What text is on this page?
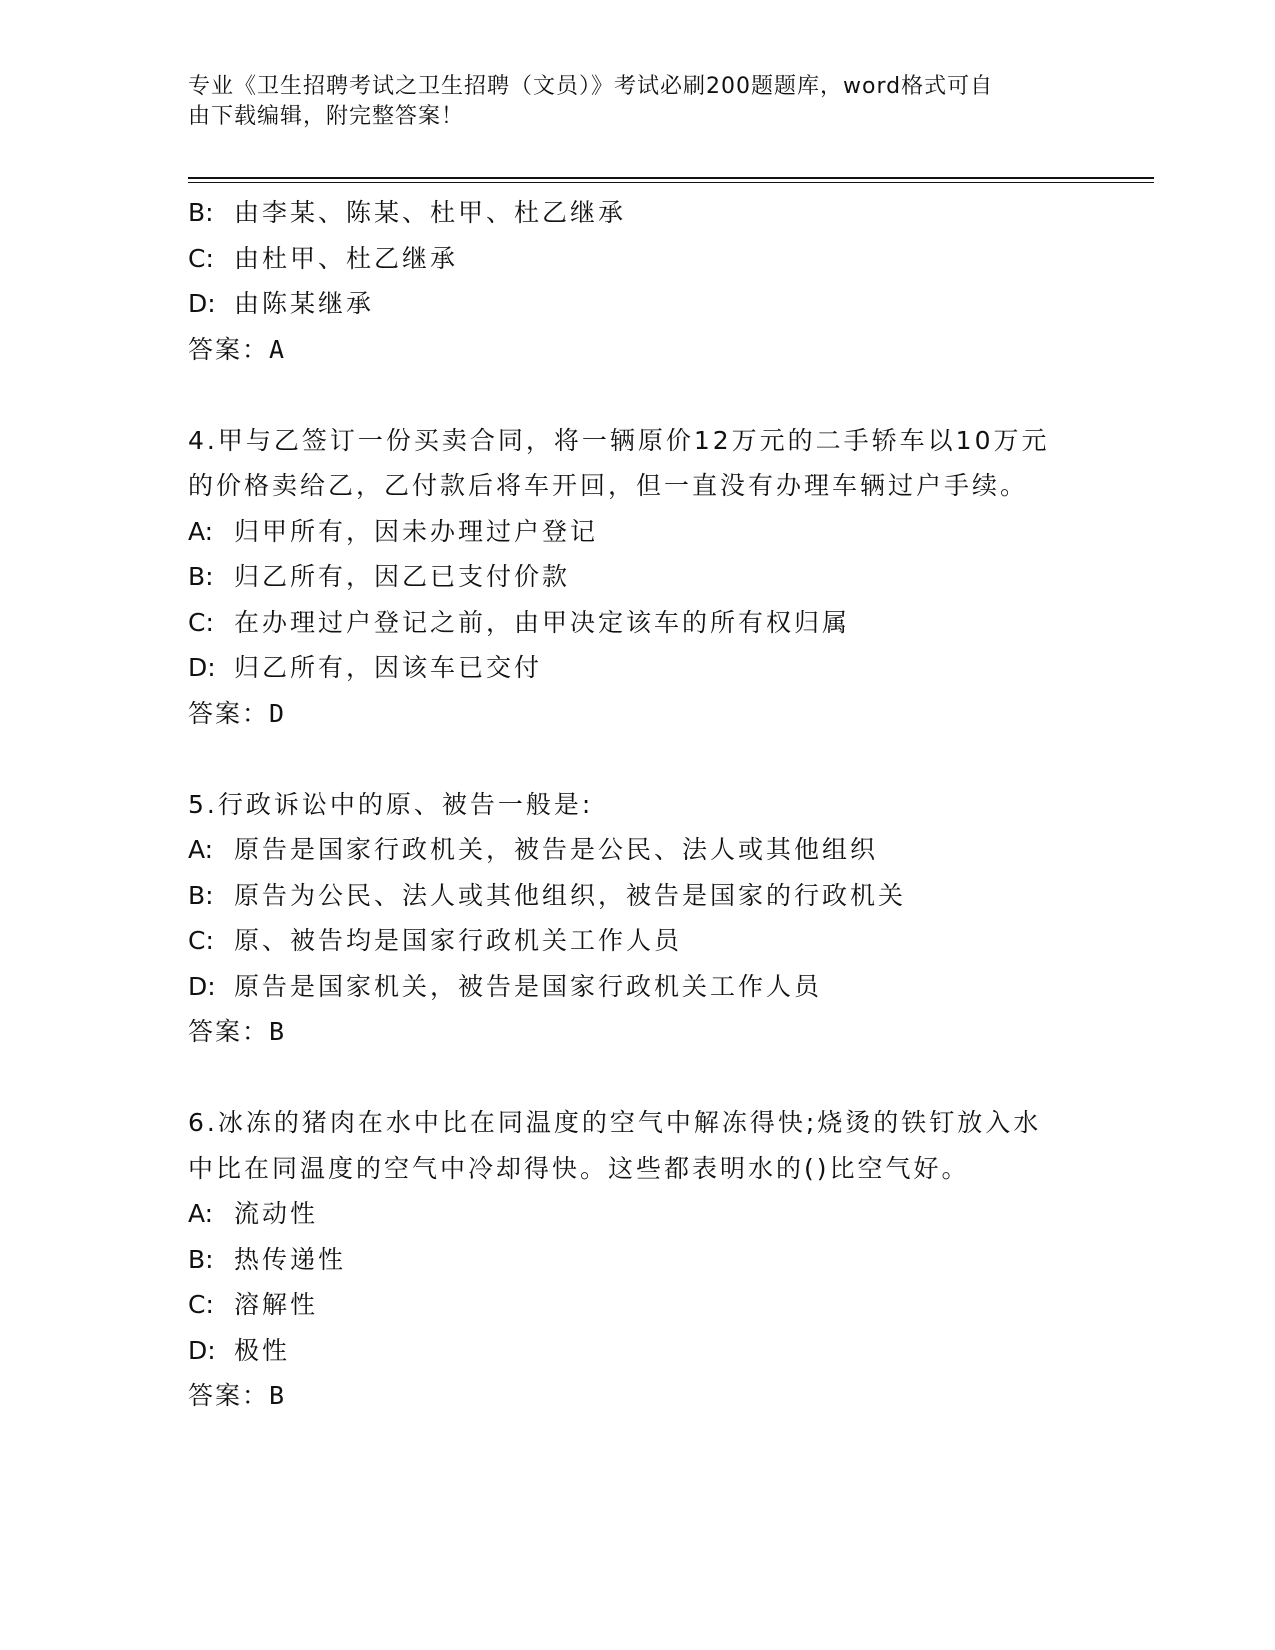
专业《卫生招聘考试之卫生招聘（文员）》考试必刷200题题库，word格式可自
由下载编辑，附完整答案！
B: 由李某、陈某、杜甲、杜乙继承
C: 由杜甲、杜乙继承
D: 由陈某继承
答案：A
4.甲与乙签订一份买卖合同，将一辆原价12万元的二手轿车以10万元的价格卖给乙，乙付款后将车开回，但一直没有办理车辆过户手续。
A: 归甲所有，因未办理过户登记
B: 归乙所有，因乙已支付价款
C: 在办理过户登记之前，由甲决定该车的所有权归属
D: 归乙所有，因该车已交付
答案：D
5.行政诉讼中的原、被告一般是:
A: 原告是国家行政机关，被告是公民、法人或其他组织
B: 原告为公民、法人或其他组织，被告是国家的行政机关
C: 原、被告均是国家行政机关工作人员
D: 原告是国家机关，被告是国家行政机关工作人员
答案：B
6.冰冻的猪肉在水中比在同温度的空气中解冻得快;烧烫的铁钉放入水中比在同温度的空气中冷却得快。这些都表明水的()比空气好。
A: 流动性
B: 热传递性
C: 溶解性
D: 极性
答案：B
